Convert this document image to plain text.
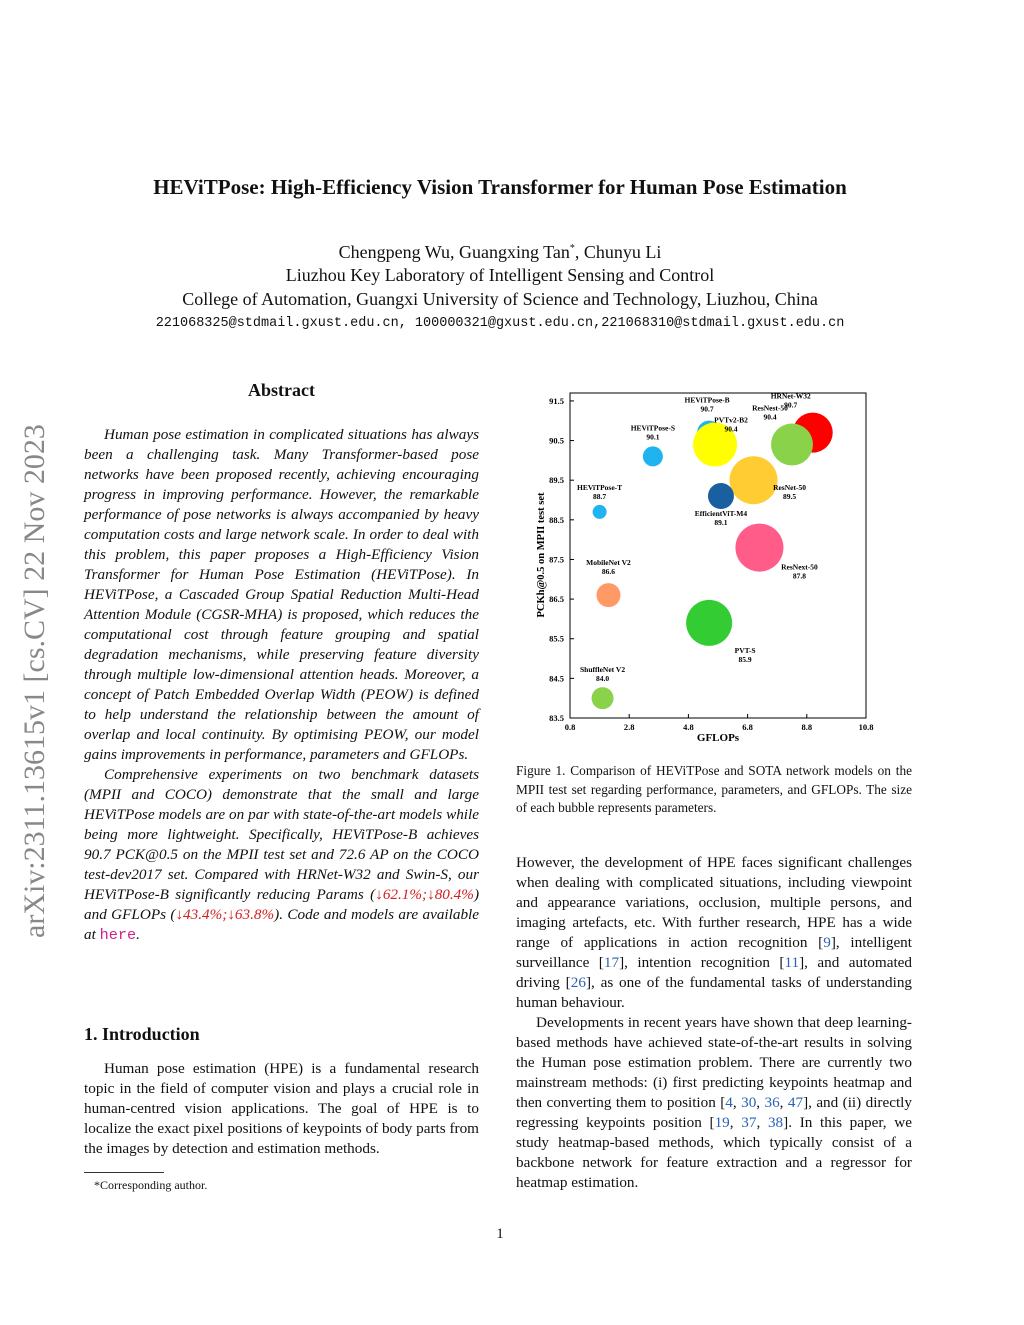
arXiv:2311.13615v1 [cs.CV] 22 Nov 2023
HEViTPose: High-Efficiency Vision Transformer for Human Pose Estimation
Chengpeng Wu, Guangxing Tan*, Chunyu Li
Liuzhou Key Laboratory of Intelligent Sensing and Control
College of Automation, Guangxi University of Science and Technology, Liuzhou, China
221068325@stdmail.gxust.edu.cn, 100000321@gxust.edu.cn,221068310@stdmail.gxust.edu.cn
Abstract

Human pose estimation in complicated situations has always been a challenging task. Many Transformer-based pose networks have been proposed recently, achieving encouraging progress in improving performance. However, the remarkable performance of pose networks is always accompanied by heavy computation costs and large network scale. In order to deal with this problem, this paper proposes a High-Efficiency Vision Transformer for Human Pose Estimation (HEViTPose). In HEViTPose, a Cascaded Group Spatial Reduction Multi-Head Attention Module (CGSR-MHA) is proposed, which reduces the computational cost through feature grouping and spatial degradation mechanisms, while preserving feature diversity through multiple low-dimensional attention heads. Moreover, a concept of Patch Embedded Overlap Width (PEOW) is defined to help understand the relationship between the amount of overlap and local continuity. By optimising PEOW, our model gains improvements in performance, parameters and GFLOPs.

Comprehensive experiments on two benchmark datasets (MPII and COCO) demonstrate that the small and large HEViTPose models are on par with state-of-the-art models while being more lightweight. Specifically, HEViTPose-B achieves 90.7 PCK@0.5 on the MPII test set and 72.6 AP on the COCO test-dev2017 set. Compared with HRNet-W32 and Swin-S, our HEViTPose-B significantly reducing Params (↓62.1%;↓80.4%) and GFLOPs (↓43.4%;↓63.8%). Code and models are available at here.

1. Introduction

Human pose estimation (HPE) is a fundamental research topic in the field of computer vision and plays a crucial role in human-centred vision applications. The goal of HPE is to localize the exact pixel positions of keypoints of body parts from the images by detection and estimation methods.

*Corresponding author.
83.5
84.5
85.5
86.5
87.5
88.5
89.5
90.5
91.5
0.8	2.8	4.8	6.8	8.8	10.8
HRNet-W32
90.7
ResNest-50
90.4
HEViTPose-B
90.7
PVTv2-B2
90.4
HEViTPose-S
90.1
ResNet-50
89.5
EfficientViT-M4
89.1
HEViTPose-T
88.7
ResNext-50
87.8
MobileNet V2
86.6
PVT-S
85.9
ShuffleNet V2
84.0
GFLOPs
PCKh@0.5 on MPII test set
Figure 1. Comparison of HEViTPose and SOTA network models on the MPII test set regarding performance, parameters, and GFLOPs. The size of each bubble represents parameters.

However, the development of HPE faces significant challenges when dealing with complicated situations, including viewpoint and appearance variations, occlusion, multiple persons, and imaging artefacts, etc. With further research, HPE has a wide range of applications in action recognition [9], intelligent surveillance [17], intention recognition [11], and automated driving [26], as one of the fundamental tasks of understanding human behaviour.

Developments in recent years have shown that deep learning-based methods have achieved state-of-the-art results in solving the Human pose estimation problem. There are currently two mainstream methods: (i) first predicting keypoints heatmap and then converting them to position [4, 30, 36, 47], and (ii) directly regressing keypoints position [19, 37, 38]. In this paper, we study heatmap-based methods, which typically consist of a backbone network for feature extraction and a regressor for heatmap estimation.

1
